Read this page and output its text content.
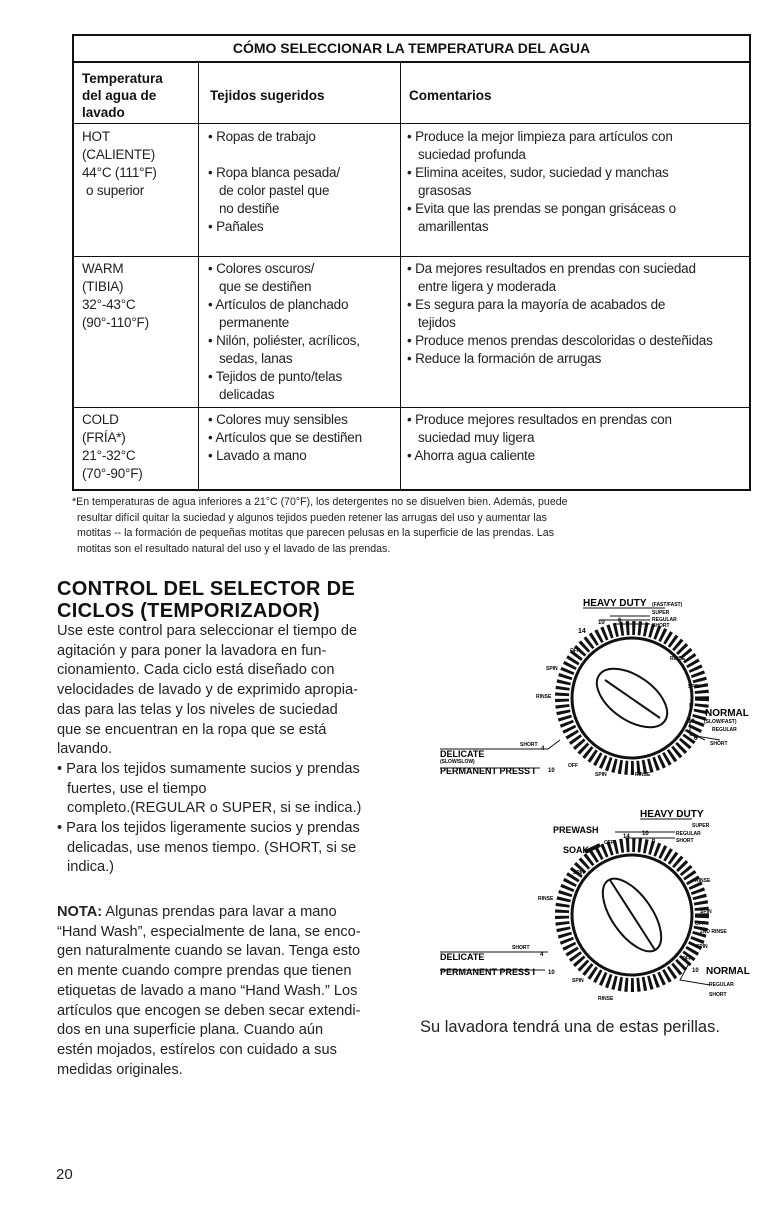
CÓMO SELECCIONAR LA TEMPERATURA DEL AGUA
Temperatura
del agua de
lavado
Tejidos sugeridos	Comentarios
HOT
(CALIENTE)
44°C (111°F)
o superior
• Ropas de trabajo
• Ropa blanca pesada/
de color pastel que
no destiñe
• Pañales
• Produce la mejor limpieza para artículos con
suciedad profunda
• Elimina aceites, sudor, suciedad y manchas
grasosas
• Evita que las prendas se pongan grisáceas o
amarillentas
WARM
(TIBIA)
32°-43°C
(90°-110°F)
• Colores oscuros/
que se destiñen
• Artículos de planchado
permanente
• Nilón, poliéster, acrílicos,
sedas, lanas
• Tejidos de punto/telas
delicadas
• Da mejores resultados en prendas con suciedad
entre ligera y moderada
• Es segura para la mayoría de acabados de
tejidos
• Produce menos prendas descoloridas o desteñidas
• Reduce la formación de arrugas
COLD
(FRÍA*)
21°-32°C
(70°-90°F)
• Colores muy sensibles
• Artículos que se destiñen
• Lavado a mano
• Produce mejores resultados en prendas con
suciedad muy ligera
• Ahorra agua caliente
*En temperaturas de agua inferiores a 21°C (70°F), los detergentes no se disuelven bien. Además, puede
resultar difícil quitar la suciedad y algunos tejidos pueden retener las arrugas del uso y aumentar las
motitas -- la formación de pequeñas motitas que parecen pelusas en la superficie de las prendas. Las
motitas son el resultado natural del uso y el lavado de las prendas.
CONTROL DEL SELECTOR DE
CICLOS (TEMPORIZADOR)
Use este control para seleccionar el tiempo de
agitación y para poner la lavadora en fun-
cionamiento. Cada ciclo está diseñado con
velocidades de lavado y de exprimido apropia-
das para las telas y los niveles de suciedad
que se encuentran en la ropa que se está
lavando.
• Para los tejidos sumamente sucios y prendas
fuertes, use el tiempo
completo.(REGULAR o SUPER, si se indica.)
• Para los tejidos ligeramente sucios y prendas
delicadas, use menos tiempo. (SHORT, si se
indica.)
NOTA: Algunas prendas para lavar a mano
“Hand Wash”, especialmente de lana, se enco-
gen naturalmente cuando se lavan. Tenga esto
en mente cuando compre prendas que tienen
etiquetas de lavado a mano “Hand Wash.” Los
artículos que encogen se deben secar extendi-
dos en una superficie plana. Cuando aún
estén mojados, estírelos con cuidado a sus
medidas originales.
HEAVY DUTY (FAST/FAST)
SUPER
REGULAR
SHORT
14
10 6
OFF
RINSE
SPIN
SPIN
RINSE
NORMAL
(SLOW/FAST)
REGULAR
SHORT
10
6
DELICATE
(SLOW/SLOW)
SHORT
4
PERMANENT PRESS I 10
OFF
SPIN	RINSE
HEAVY DUTY
SUPER
REGULAR
SHORT
PREWASH
SOAK
14 10
6
OFF
SPIN
RINSE
RINSE
SPIN
OFF
2ND RINSE
SPIN
DELICATE
SHORT
4
PERMANENT PRESS I 10
SPIN
RINSE
OFF
NORMAL
10
REGULAR
SHORT
Su lavadora tendrá una de estas perillas.
20
